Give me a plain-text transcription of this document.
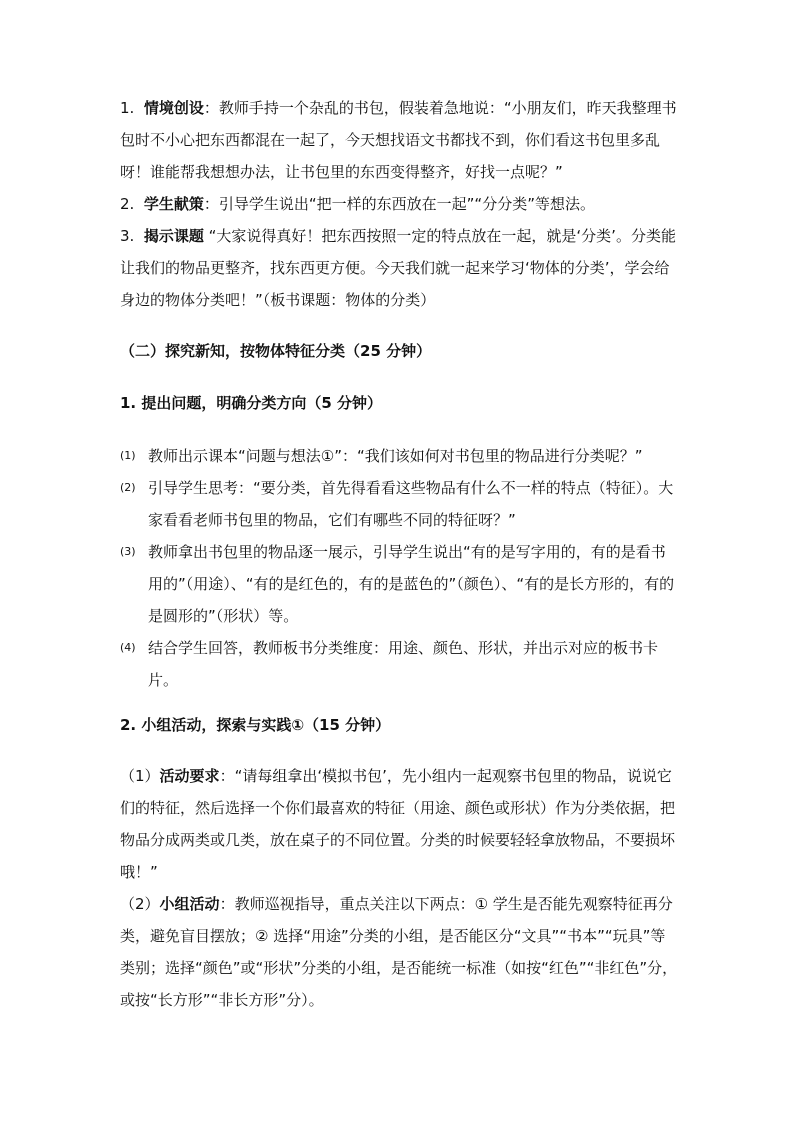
1.  情境创设：教师手持一个杂乱的书包，假装着急地说：“小朋友们，昨天我整理书包时不小心把东西都混在一起了，今天想找语文书都找不到，你们看这书包里多乱呀！谁能帮我想想办法，让书包里的东西变得整齐，好找一点呢？”

2.  学生献策：引导学生说出“把一样的东西放在一起”“分分类”等想法。

3.  揭示课题 “大家说得真好！把东西按照一定的特点放在一起，就是‘分类’。分类能让我们的物品更整齐，找东西更方便。今天我们就一起来学习‘物体的分类’，学会给身边的物体分类吧！”（板书课题：物体的分类）

（二）探究新知，按物体特征分类（25 分钟）

1. 提出问题，明确分类方向（5 分钟）

(1) 教师出示课本“问题与想法①”：“我们该如何对书包里的物品进行分类呢？”
(2) 引导学生思考：“要分类，首先得看看这些物品有什么不一样的特点（特征）。大家看看老师书包里的物品，它们有哪些不同的特征呀？”
(3) 教师拿出书包里的物品逐一展示，引导学生说出“有的是写字用的，有的是看书用的”（用途）、“有的是红色的，有的是蓝色的”（颜色）、“有的是长方形的，有的是圆形的”（形状）等。
(4) 结合学生回答，教师板书分类维度：用途、颜色、形状，并出示对应的板书卡片。

2. 小组活动，探索与实践①（15 分钟）

（1）活动要求：“请每组拿出‘模拟书包’，先小组内一起观察书包里的物品，说说它们的特征，然后选择一个你们最喜欢的特征（用途、颜色或形状）作为分类依据，把物品分成两类或几类，放在桌子的不同位置。分类的时候要轻轻拿放物品，不要损坏哦！”

（2）小组活动：教师巡视指导，重点关注以下两点：① 学生是否能先观察特征再分类，避免盲目摆放；② 选择“用途”分类的小组，是否能区分“文具”“书本”“玩具”等类别；选择“颜色”或“形状”分类的小组，是否能统一标准（如按“红色”“非红色”分，或按“长方形”“非长方形”分）。
